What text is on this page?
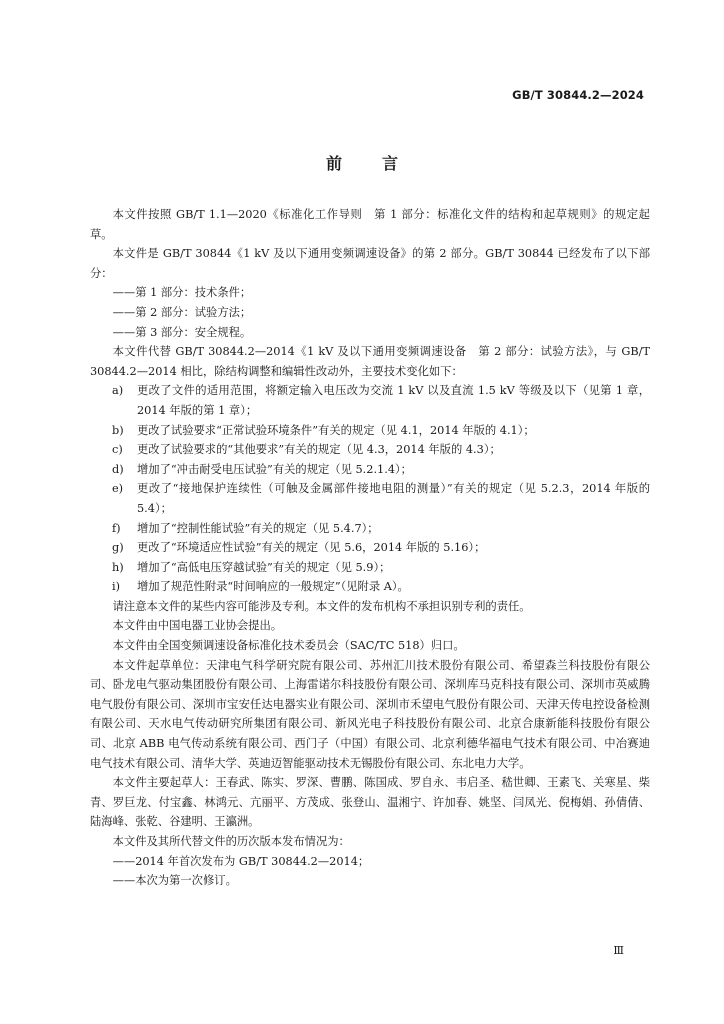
GB/T 30844.2—2024
前言

本文件按照 GB/T 1.1—2020《标准化工作导则　第 1 部分：标准化文件的结构和起草规则》的规定起草。

本文件是 GB/T 30844《1 kV 及以下通用变频调速设备》的第 2 部分。GB/T 30844 已经发布了以下部分：

——第 1 部分：技术条件；

——第 2 部分：试验方法；

——第 3 部分：安全规程。

本文件代替 GB/T 30844.2—2014《1 kV 及以下通用变频调速设备　第 2 部分：试验方法》，与 GB/T 30844.2—2014 相比，除结构调整和编辑性改动外，主要技术变化如下：

a)	更改了文件的适用范围，将额定输入电压改为交流 1 kV 以及直流 1.5 kV 等级及以下（见第 1 章，2014 年版的第 1 章）；
b)	更改了试验要求“正常试验环境条件”有关的规定（见 4.1，2014 年版的 4.1）；
c)	更改了试验要求的“其他要求”有关的规定（见 4.3，2014 年版的 4.3）；
d)	增加了“冲击耐受电压试验”有关的规定（见 5.2.1.4）；
e)	更改了“接地保护连续性（可触及金属部件接地电阻的测量）”有关的规定（见 5.2.3，2014 年版的 5.4）；
f)	增加了“控制性能试验”有关的规定（见 5.4.7）；
g)	更改了“环境适应性试验”有关的规定（见 5.6，2014 年版的 5.16）；
h)	增加了“高低电压穿越试验”有关的规定（见 5.9）；
i)	增加了规范性附录“时间响应的一般规定”（见附录 A）。

请注意本文件的某些内容可能涉及专利。本文件的发布机构不承担识别专利的责任。

本文件由中国电器工业协会提出。

本文件由全国变频调速设备标准化技术委员会（SAC/TC 518）归口。

本文件起草单位：天津电气科学研究院有限公司、苏州汇川技术股份有限公司、希望森兰科技股份有限公司、卧龙电气驱动集团股份有限公司、上海雷诺尔科技股份有限公司、深圳库马克科技有限公司、深圳市英威腾电气股份有限公司、深圳市宝安任达电器实业有限公司、深圳市禾望电气股份有限公司、天津天传电控设备检测有限公司、天水电气传动研究所集团有限公司、新风光电子科技股份有限公司、北京合康新能科技股份有限公司、北京 ABB 电气传动系统有限公司、西门子（中国）有限公司、北京利德华福电气技术有限公司、中冶赛迪电气技术有限公司、清华大学、英迪迈智能驱动技术无锡股份有限公司、东北电力大学。

本文件主要起草人：王春武、陈实、罗深、曹鹏、陈国成、罗自永、韦启圣、嵇世卿、王素飞、关寒星、柴青、罗巨龙、付宝鑫、林鸿元、亢丽平、方茂成、张登山、温湘宁、许加春、姚坚、闫凤光、倪梅娟、孙倩倩、陆海峰、张乾、谷建明、王瀛洲。

本文件及其所代替文件的历次版本发布情况为：

——2014 年首次发布为 GB/T 30844.2—2014；

——本次为第一次修订。

Ⅲ
